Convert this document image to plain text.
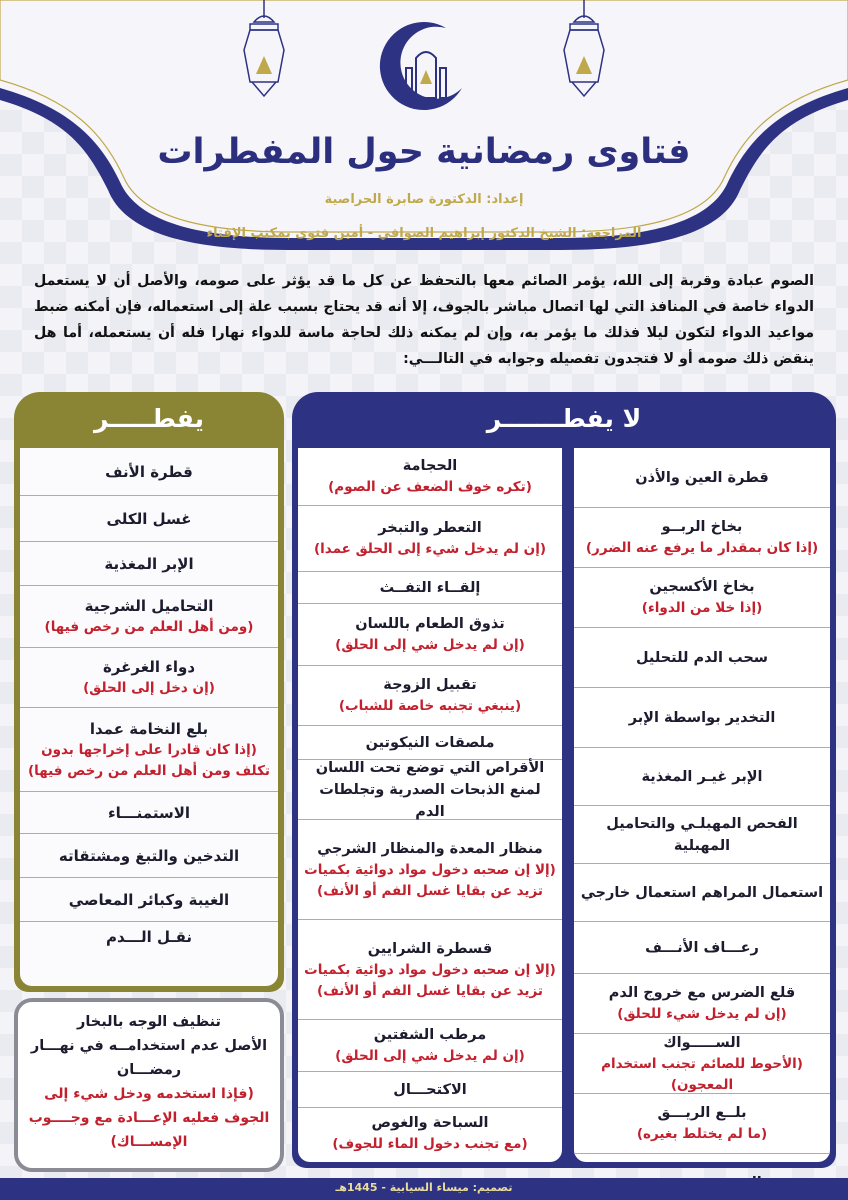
فتاوى رمضانية حول المفطرات
إعداد: الدكتورة صابرة الحراصية
المراجعة: الشيخ الدكتور إبراهيم الصوافي - أمين فتوى بمكتب الإفتاء

الصوم عبادة وقربة إلى الله، يؤمر الصائم معها بالتحفظ عن كل ما قد يؤثر على صومه، والأصل أن لا يستعمل الدواء خاصة في المنافذ التي لها اتصال مباشر بالجوف، إلا أنه قد يحتاج بسبب علة إلى استعماله، فإن أمكنه ضبط مواعيد الدواء لتكون ليلا فذلك ما يؤمر به، وإن لم يمكنه ذلك لحاجة ماسة للدواء نهارا فله أن يستعمله، أما هل ينقض ذلك صومه أو لا فتجدون تفصيله وجوابه في التالـــي:

لا يفطـــــــر
قطرة العين والأذن
بخاخ الربــو
(إذا كان بمقدار ما يرفع عنه الضرر)
بخاخ الأكسجين
(إذا خلا من الدواء)
سحب الدم للتحليل
التخدير بواسطة الإبر
الإبر غيـر المغذية
الفحص المهبلـي والتحاميل المهبلية
استعمال المراهم استعمال خارجي
رعـــاف الأنـــف
قلع الضرس مع خروج الدم
(إن لم يدخل شيء للحلق)
الســـــواك
(الأحوط للصائم تجنب استخدام المعجون)
بلــع الريـــق
(ما لم يختلط بغيره)
الحجامة
(تكره خوف الضعف عن الصوم)
التعطر والتبخر
(إن لم يدخل شيء إلى الحلق عمدا)
إلقــاء التفــث
تذوق الطعام باللسان
(إن لم يدخل شي إلى الحلق)
تقبيل الزوجة
(ينبغي تجنبه خاصة للشباب)
ملصقات النيكوتين
الأقراص التي توضع تحت اللسان لمنع الذبحات الصدرية وتجلطات الدم
منظار المعدة والمنظار الشرجي
(إلا إن صحبه دخول مواد دوائية بكميات تزيد عن بقايا غسل الفم أو الأنف)
قسطرة الشرايين
(إلا إن صحبه دخول مواد دوائية بكميات تزيد عن بقايا غسل الفم أو الأنف)
مرطب الشفتين
(إن لم يدخل شي إلى الحلق)
الاكتحـــال
السباحة والغوص
(مع تجنب دخول الماء للجوف)
يفطـــــر
قطرة الأنف
غسل الكلى
الإبر المغذية
التحاميل الشرجية
(ومن أهل العلم من رخص فيها)
دواء الغرغرة
(إن دخل إلى الحلق)
بلع النخامة عمدا
(إذا كان قادرا على إخراجها بدون تكلف ومن أهل العلم من رخص فيها)
الاستمنـــاء
التدخين والتبغ ومشتقاته
الغيبة وكبائر المعاصي
نقـل الـــدم
تنظيف الوجه بالبخار
الأصل عدم استخدامــه في نهـــار رمضـــان
(فإذا استخدمه ودخل شيء إلى الجوف فعليه الإعـــادة مع وجــــوب الإمســـاك)
تصميم: ميساء السيابية - 1445هـ
